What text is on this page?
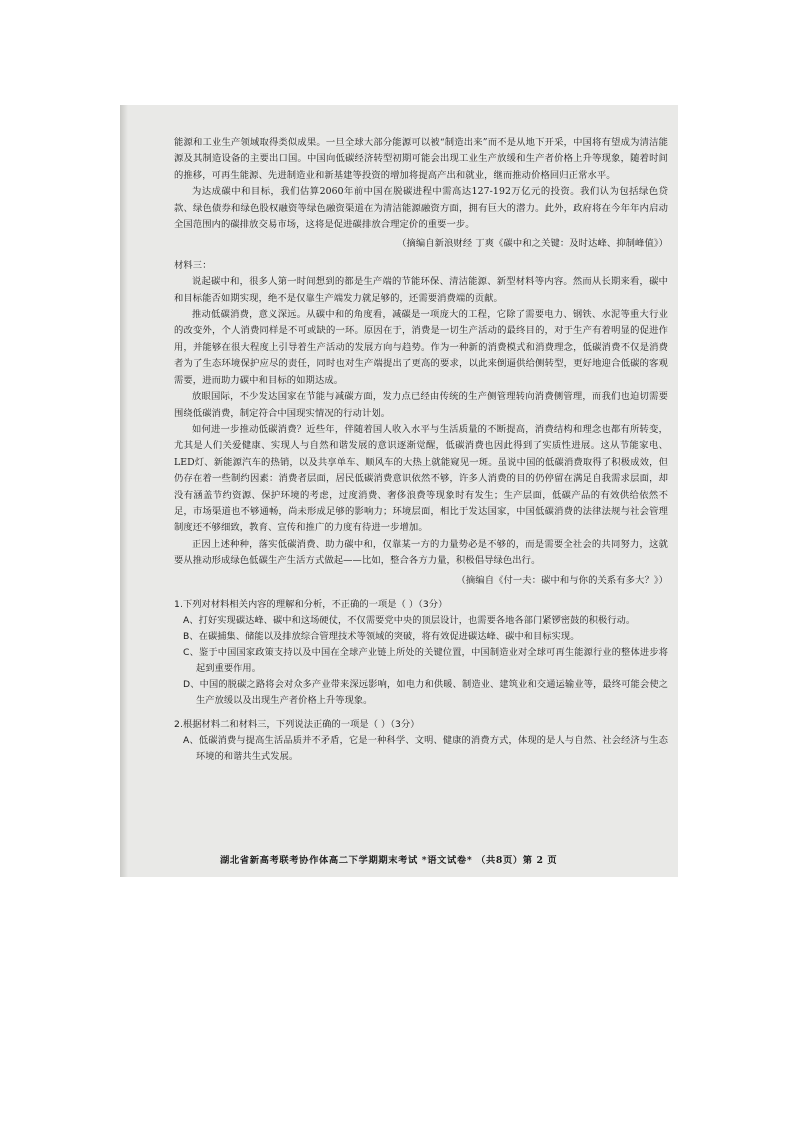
能源和工业生产领域取得类似成果。一旦全球大部分能源可以被“制造出来”而不是从地下开采，中国将有望成为清洁能源及其制造设备的主要出口国。中国向低碳经济转型初期可能会出现工业生产放缓和生产者价格上升等现象，随着时间的推移，可再生能源、先进制造业和新基建等投资的增加将提高产出和就业，继而推动价格回归正常水平。

为达成碳中和目标，我们估算2060年前中国在脱碳进程中需高达127-192万亿元的投资。我们认为包括绿色贷款、绿色债券和绿色股权融资等绿色融资渠道在为清洁能源融资方面，拥有巨大的潜力。此外，政府将在今年年内启动全国范围内的碳排放交易市场，这将是促进碳排放合理定价的重要一步。

（摘编自新浪财经 丁爽《碳中和之关键：及时达峰、抑制峰值》）

材料三：

说起碳中和，很多人第一时间想到的都是生产端的节能环保、清洁能源、新型材料等内容。然而从长期来看，碳中和目标能否如期实现，绝不是仅靠生产端发力就足够的，还需要消费端的贡献。

推动低碳消费，意义深远。从碳中和的角度看，减碳是一项庞大的工程，它除了需要电力、钢铁、水泥等重大行业的改变外，个人消费同样是不可或缺的一环。原因在于，消费是一切生产活动的最终目的，对于生产有着明显的促进作用，并能够在很大程度上引导着生产活动的发展方向与趋势。作为一种新的消费模式和消费理念，低碳消费不仅是消费者为了生态环境保护应尽的责任，同时也对生产端提出了更高的要求，以此来倒逼供给侧转型，更好地迎合低碳的客观需要，进而助力碳中和目标的如期达成。

放眼国际，不少发达国家在节能与减碳方面，发力点已经由传统的生产侧管理转向消费侧管理，而我们也迫切需要围绕低碳消费，制定符合中国现实情况的行动计划。

如何进一步推动低碳消费？近些年，伴随着国人收入水平与生活质量的不断提高，消费结构和理念也都有所转变，尤其是人们关爱健康、实现人与自然和谐发展的意识逐渐觉醒，低碳消费也因此得到了实质性进展。这从节能家电、LED灯、新能源汽车的热销，以及共享单车、顺风车的大热上就能窥见一斑。虽说中国的低碳消费取得了积极成效，但仍存在着一些制约因素：消费者层面，居民低碳消费意识依然不够，许多人消费的目的仍停留在满足自我需求层面，却没有涵盖节约资源、保护环境的考虑，过度消费、奢侈浪费等现象时有发生；生产层面，低碳产品的有效供给依然不足，市场渠道也不够通畅，尚未形成足够的影响力；环境层面，相比于发达国家，中国低碳消费的法律法规与社会管理制度还不够细致，教育、宣传和推广的力度有待进一步增加。

正因上述种种，落实低碳消费、助力碳中和，仅靠某一方的力量势必是不够的，而是需要全社会的共同努力，这就要从推动形成绿色低碳生产生活方式做起——比如，整合各方力量，积极倡导绿色出行。

（摘编自《付一夫：碳中和与你的关系有多大？》）

1.下列对材料相关内容的理解和分析，不正确的一项是（ ）（3分）

A、打好实现碳达峰、碳中和这场硬仗，不仅需要党中央的顶层设计，也需要各地各部门紧锣密鼓的积极行动。

B、在碳捕集、储能以及排放综合管理技术等领域的突破，将有效促进碳达峰、碳中和目标实现。

C、鉴于中国国家政策支持以及中国在全球产业链上所处的关键位置，中国制造业对全球可再生能源行业的整体进步将起到重要作用。

D、中国的脱碳之路将会对众多产业带来深远影响，如电力和供暖、制造业、建筑业和交通运输业等，最终可能会使之生产放缓以及出现生产者价格上升等现象。

2.根据材料二和材料三，下列说法正确的一项是（ ）（3分）

A、低碳消费与提高生活品质并不矛盾，它是一种科学、文明、健康的消费方式，体现的是人与自然、社会经济与生态环境的和谐共生式发展。

湖北省新高考联考协作体高二下学期期末考试 *语文试卷* （共8页）第 2 页
